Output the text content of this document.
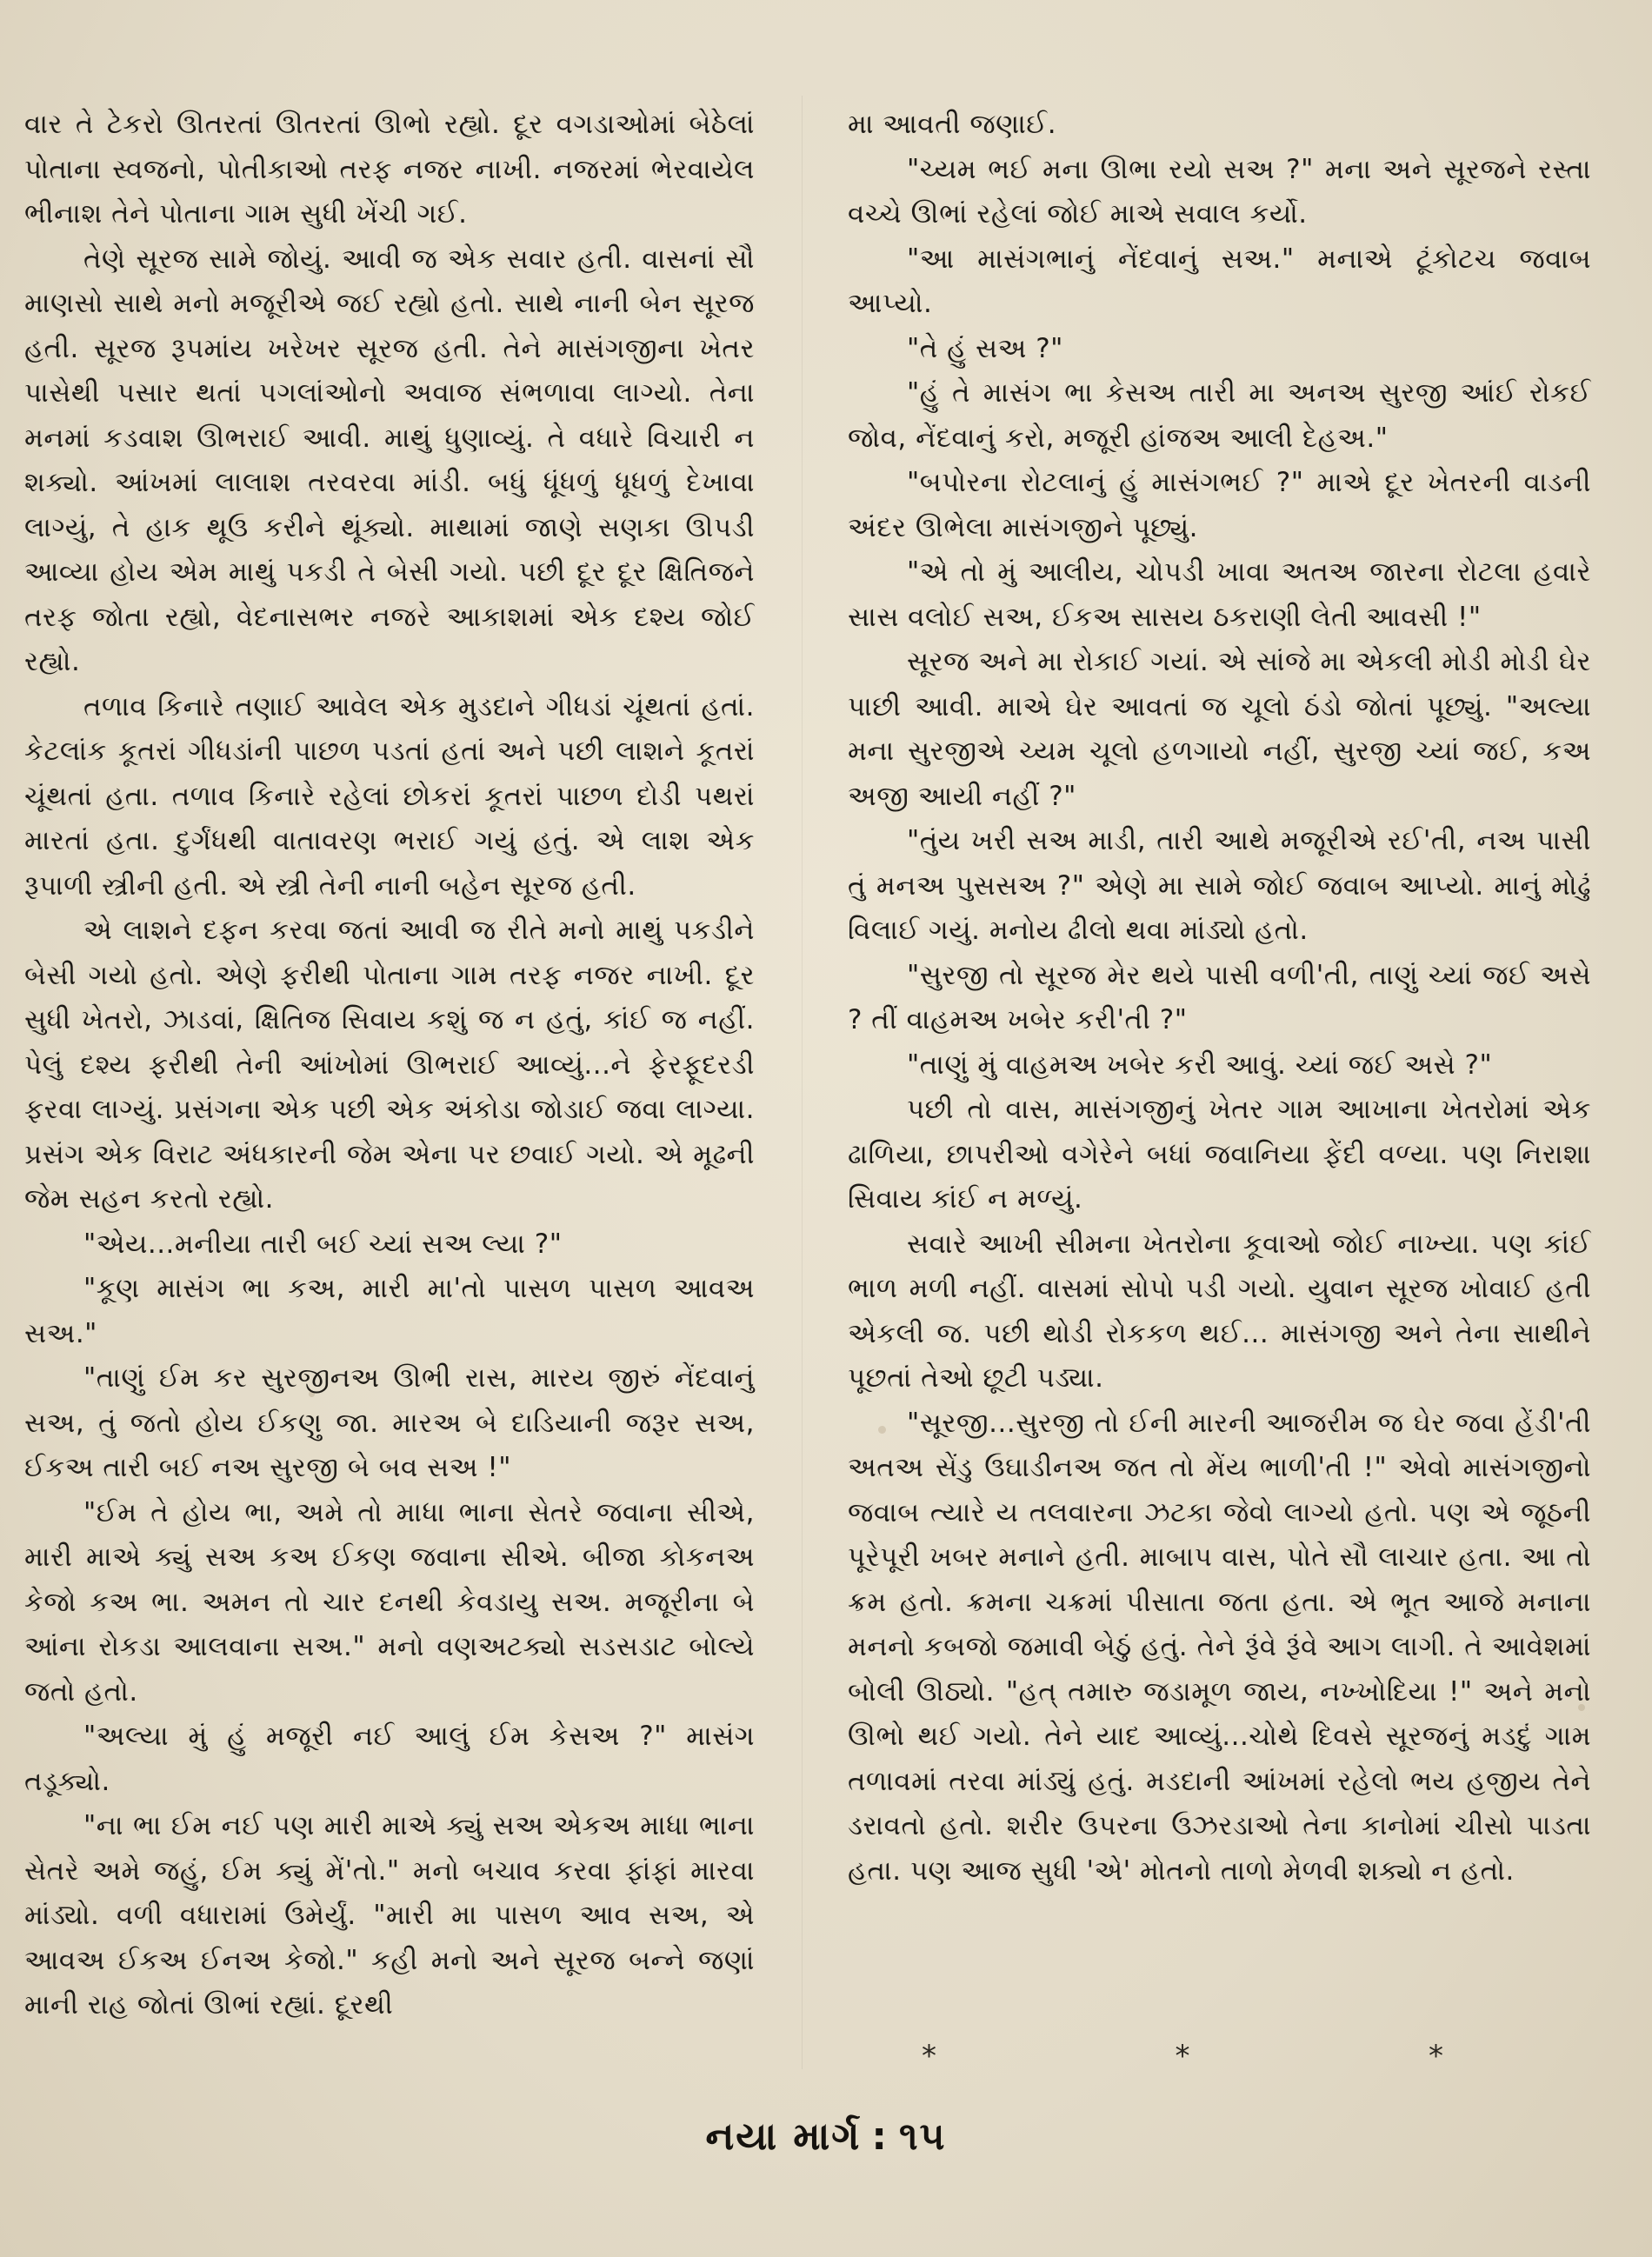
વાર તે ટેકરો ઊતરતાં ઊતરતાં ઊભો રહ્યો. દૂર વગડાઓમાં બેઠેલાં પોતાના સ્વજનો, પોતીકાઓ તરફ નજર નાખી. નજરમાં ભેરવાયેલ ભીનાશ તેને પોતાના ગામ સુધી ખેંચી ગઈ.

તેણે સૂરજ સામે જોયું. આવી જ એક સવાર હતી. વાસનાં સૌ માણસો સાથે મનો મજૂરીએ જઈ રહ્યો હતો. સાથે નાની બેન સૂરજ હતી. સૂરજ રૂપમાંય ખરેખર સૂરજ હતી. તેને માસંગજીના ખેતર પાસેથી પસાર થતાં પગલાંઓનો અવાજ સંભળાવા લાગ્યો. તેના મનમાં કડવાશ ઊભરાઈ આવી. માથું ધુણાવ્યું. તે વધારે વિચારી ન શક્યો. આંખમાં લાલાશ તરવરવા માંડી. બધું ધૂંધળું ધૂધળું દેખાવા લાગ્યું, તે હાક થૂઉ કરીને થૂંક્યો. માથામાં જાણે સણકા ઊપડી આવ્યા હોય એમ માથું પકડી તે બેસી ગયો. પછી દૂર દૂર ક્ષિતિજને તરફ જોતા રહ્યો, વેદનાસભર નજરે આકાશમાં એક દશ્ય જોઈ રહ્યો.

તળાવ કિનારે તણાઈ આવેલ એક મુડદાને ગીધડાં ચૂંથતાં હતાં. કેટલાંક કૂતરાં ગીધડાંની પાછળ પડતાં હતાં અને પછી લાશને કૂતરાં ચૂંથતાં હતા. તળાવ કિનારે રહેલાં છોકરાં કૂતરાં પાછળ દોડી પથરાં મારતાં હતા. દુર્ગંધથી વાતાવરણ ભરાઈ ગયું હતું. એ લાશ એક રૂપાળી સ્ત્રીની હતી. એ સ્ત્રી તેની નાની બહેન સૂરજ હતી.

એ લાશને દફન કરવા જતાં આવી જ રીતે મનો માથું પકડીને બેસી ગયો હતો. એણે ફરીથી પોતાના ગામ તરફ નજર નાખી. દૂર સુધી ખેતરો, ઝાડવાં, ક્ષિતિજ સિવાય કશું જ ન હતું, કાંઈ જ નહીં. પેલું દશ્ય ફરીથી તેની આંખોમાં ઊભરાઈ આવ્યું...ને ફેરફૂદરડી ફરવા લાગ્યું. પ્રસંગના એક પછી એક અંકોડા જોડાઈ જવા લાગ્યા. પ્રસંગ એક વિરાટ અંધકારની જેમ એના પર છવાઈ ગયો. એ મૂઢની જેમ સહન કરતો રહ્યો.

"એય...મનીયા તારી બઈ ચ્યાં સઅ લ્યા ?"

"કૂણ માસંગ ભા કઅ, મારી મા'તો પાસળ પાસળ આવઅ સઅ."

"તાણું ઈમ કર સુરજીનઅ ઊભી રાસ, મારય જીરું નેંદવાનું સઅ, તું જતો હોય ઈકણુ જા. મારઅ બે દાડિયાની જરૂર સઅ, ઈકઅ તારી બઈ નઅ સુરજી બે બવ સઅ !"

"ઈમ તે હોય ભા, અમે તો માધા ભાના સેતરે જવાના સીએ, મારી માએ ક્યુંં સઅ કઅ ઈકણ જવાના સીએ. બીજા કોકનઅ કેજો કઅ ભા. અમન તો ચાર દનથી કેવડાયુ સઅ. મજૂરીના બે આંના રોકડા આલવાના સઅ." મનો વણઅટક્યો સડસડાટ બોલ્યે જતો હતો.

"અલ્યા મું હું મજૂરી નઈ આલું ઈમ કેસઅ ?" માસંગ તડૂક્યો.

"ના ભા ઈમ નઈ પણ મારી માએ ક્યુંં સઅ એકઅ માધા ભાના સેતરે અમે જહું, ઈમ ક્યુંં મેં'તો." મનો બચાવ કરવા ફાંફાં મારવા માંડ્યો. વળી વધારામાં ઉમેર્યું. "મારી મા પાસળ આવ સઅ, એ આવઅ ઈકઅ ઈનઅ કેજો." કહી મનો અને સૂરજ બન્ને જણાં માની રાહ જોતાં ઊભાં રહ્યાં. દૂરથી

મા આવતી જણાઈ.

"ચ્યમ ભઈ મના ઊભા રયો સઅ ?" મના અને સૂરજને રસ્તા વચ્ચે ઊભાં રહેલાં જોઈ માએ સવાલ કર્યો.

"આ માસંગભાનું નેંદવાનું સઅ." મનાએ ટૂંકોટચ જવાબ આપ્યો.

"તે હું સઅ ?"

"હું તે માસંગ ભા કેસઅ તારી મા અનઅ સુરજી આંઈ રોકઈ જોવ, નેંદવાનું કરો, મજૂરી હાંજઅ આલી દેહઅ."

"બપોરના રોટલાનું હું માસંગભઈ ?" માએ દૂર ખેતરની વાડની અંદર ઊભેલા માસંગજીને પૂછ્યું.

"એ તો મું આલીય, ચોપડી ખાવા અતઅ જારના રોટલા હવારે સાસ વલોઈ સઅ, ઈકઅ સાસય ઠકરાણી લેતી આવસી !"

સૂરજ અને મા રોકાઈ ગયાં. એ સાંજે મા એકલી મોડી મોડી ઘેર પાછી આવી. માએ ઘેર આવતાં જ ચૂલો ઠંડો જોતાં પૂછ્યું. "અલ્યા મના સુરજીએ ચ્યમ ચૂલો હળગાયો નહીં, સુરજી ચ્યાં જઈ, કઅ અજી આયી નહીં ?"

"તુંય ખરી સઅ માડી, તારી આથે મજૂરીએ રઈ'તી, નઅ પાસી તું મનઅ પુસસઅ ?" એણે મા સામે જોઈ જવાબ આપ્યો. માનું મોઢું વિલાઈ ગયું. મનોય ઢીલો થવા માંડ્યો હતો.

"સુરજી તો સૂરજ મેર થયે પાસી વળી'તી, તાણું ચ્યાં જઈ અસે ? તીં વાહમઅ ખબેર કરી'તી ?"

"તાણું મું વાહમઅ ખબેર કરી આવું. ચ્યાં જઈ અસે ?"

પછી તો વાસ, માસંગજીનું ખેતર ગામ આખાના ખેતરોમાં એક ઢાળિયા, છાપરીઓ વગેરેને બધાં જવાનિયા ફેંદી વળ્યા. પણ નિરાશા સિવાય કાંઈ ન મળ્યું.

સવારે આખી સીમના ખેતરોના કૂવાઓ જોઈ નાખ્યા. પણ કાંઈ ભાળ મળી નહીં. વાસમાં સોપો પડી ગયો. યુવાન સૂરજ ખોવાઈ હતી એકલી જ. પછી થોડી રોકકળ થઈ... માસંગજી અને તેના સાથીને પૂછતાં તેઓ છૂટી પડ્યા.

"સૂરજી...સુરજી તો ઈની મારની આજરીમ જ ઘેર જવા હેંડી'તી અતઅ સેંડુ ઉઘાડીનઅ જત તો મેંય ભાળી'તી !" એવો માસંગજીનો જવાબ ત્યારે ય તલવારના ઝટકા જેવો લાગ્યો હતો. પણ એ જૂઠની પૂરેપૂરી ખબર મનાને હતી. માબાપ વાસ, પોતે સૌ લાચાર હતા. આ તો ક્રમ હતો. ક્રમના ચક્રમાં પીસાતા જતા હતા. એ ભૂત આજે મનાના મનનો કબજો જમાવી બેઠું હતું. તેને રૂંવે રૂંવે આગ લાગી. તે આવેશમાં બોલી ઊઠ્યો. "હત્ તમારુ જડામૂળ જાય, નખ્ખોદિયા !" અને મનો ઊભો થઈ ગયો. તેને યાદ આવ્યું...ચોથે દિવસે સૂરજનું મડદું ગામ તળાવમાં તરવા માંડ્યું હતું. મડદાની આંખમાં રહેલો ભય હજીય તેને ડરાવતો હતો. શરીર ઉપરના ઉઝરડાઓ તેના કાનોમાં ચીસો પાડતા હતા. પણ આજ સુધી 'એ' મોતનો તાળો મેળવી શક્યો ન હતો.

*	*	*
નયા માર્ગ : ૧૫
